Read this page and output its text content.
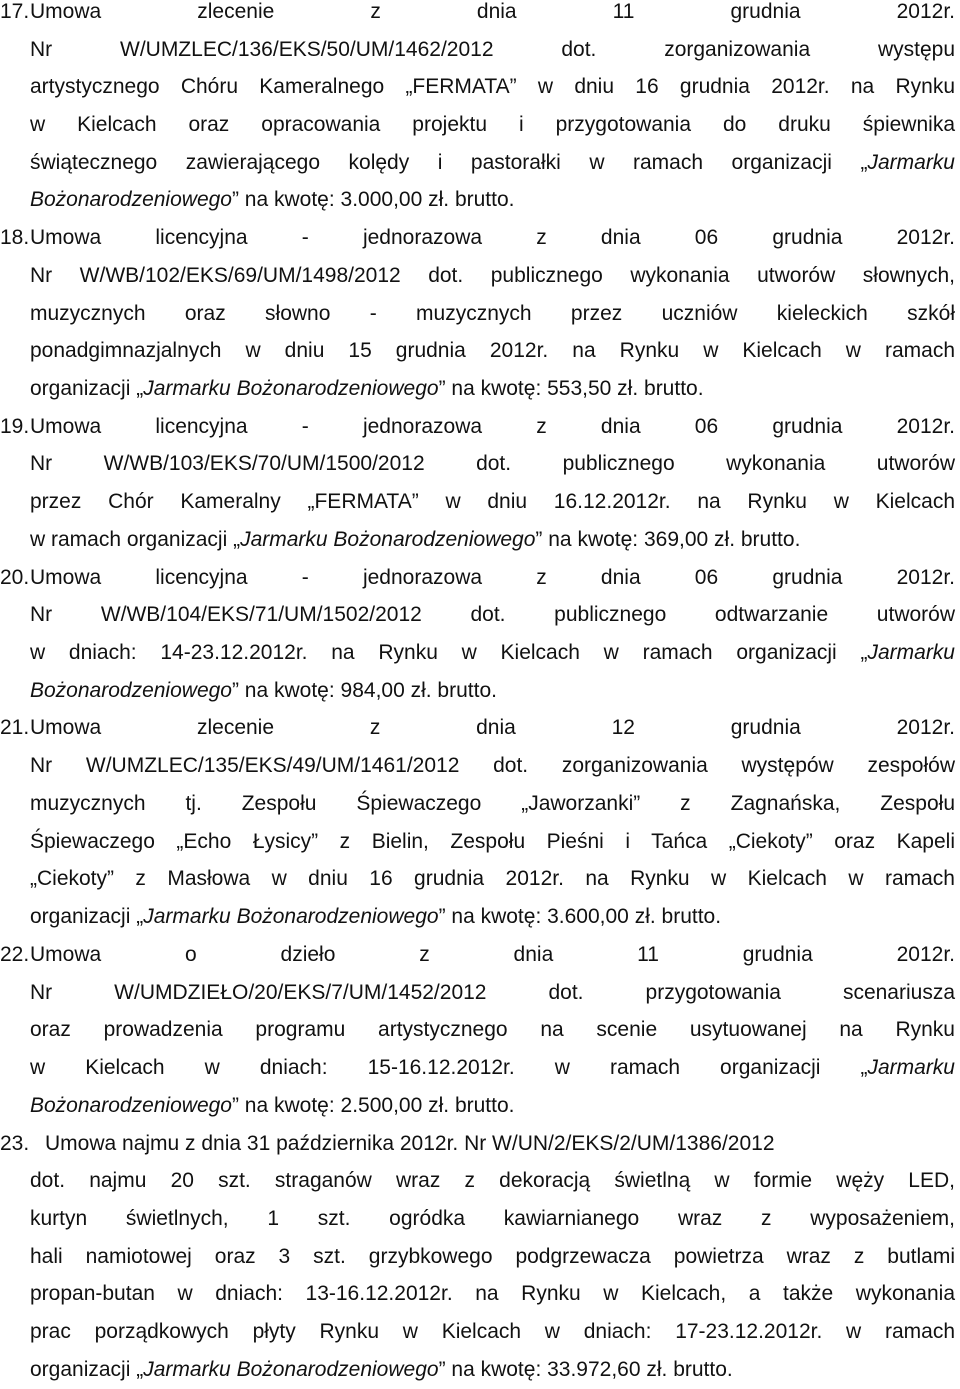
17.Umowa zlecenie z dnia 11 grudnia 2012r.
Nr W/UMZLEC/136/EKS/50/UM/1462/2012 dot. zorganizowania występu
artystycznego Chóru Kameralnego „FERMATA” w dniu 16 grudnia 2012r. na Rynku
w Kielcach oraz opracowania projektu i przygotowania do druku śpiewnika
świątecznego zawierającego kolędy i pastorałki w ramach organizacji „Jarmarku
Bożonarodzeniowego” na kwotę: 3.000,00 zł. brutto.
18.Umowa licencyjna - jednorazowa z dnia 06 grudnia 2012r.
Nr W/WB/102/EKS/69/UM/1498/2012 dot. publicznego wykonania utworów słownych,
muzycznych oraz słowno - muzycznych przez uczniów kieleckich szkół
ponadgimnazjalnych w dniu 15 grudnia 2012r. na Rynku w Kielcach w ramach
organizacji „Jarmarku Bożonarodzeniowego” na kwotę: 553,50 zł. brutto.
19.Umowa licencyjna - jednorazowa z dnia 06 grudnia 2012r.
Nr W/WB/103/EKS/70/UM/1500/2012 dot. publicznego wykonania utworów
przez Chór Kameralny „FERMATA” w dniu 16.12.2012r. na Rynku w Kielcach
w ramach organizacji „Jarmarku Bożonarodzeniowego” na kwotę: 369,00 zł. brutto.
20.Umowa licencyjna - jednorazowa z dnia 06 grudnia 2012r.
Nr W/WB/104/EKS/71/UM/1502/2012 dot. publicznego odtwarzanie utworów
w dniach: 14-23.12.2012r. na Rynku w Kielcach w ramach organizacji „Jarmarku
Bożonarodzeniowego” na kwotę: 984,00 zł. brutto.
21.Umowa zlecenie z dnia 12 grudnia 2012r.
Nr W/UMZLEC/135/EKS/49/UM/1461/2012 dot. zorganizowania występów zespołów
muzycznych tj. Zespołu Śpiewaczego „Jaworzanki” z Zagnańska, Zespołu
Śpiewaczego „Echo Łysicy” z Bielin, Zespołu Pieśni i Tańca „Ciekoty” oraz Kapeli
„Ciekoty” z Masłowa w dniu 16 grudnia 2012r. na Rynku w Kielcach w ramach
organizacji „Jarmarku Bożonarodzeniowego” na kwotę: 3.600,00 zł. brutto.
22.Umowa o dzieło z dnia 11 grudnia 2012r.
Nr W/UMDZIEŁO/20/EKS/7/UM/1452/2012 dot. przygotowania scenariusza
oraz prowadzenia programu artystycznego na scenie usytuowanej na Rynku
w Kielcach w dniach: 15-16.12.2012r. w ramach organizacji „Jarmarku
Bożonarodzeniowego” na kwotę: 2.500,00 zł. brutto.
23. Umowa najmu z dnia 31 października 2012r. Nr W/UN/2/EKS/2/UM/1386/2012
dot. najmu 20 szt. straganów wraz z dekoracją świetlną w formie węży LED,
kurtyn świetlnych, 1 szt. ogródka kawiarnianego wraz z wyposażeniem,
hali namiotowej oraz 3 szt. grzybkowego podgrzewacza powietrza wraz z butlami
propan-butan w dniach: 13-16.12.2012r. na Rynku w Kielcach, a także wykonania
prac porządkowych płyty Rynku w Kielcach w dniach: 17-23.12.2012r. w ramach
organizacji „Jarmarku Bożonarodzeniowego” na kwotę: 33.972,60 zł. brutto.
